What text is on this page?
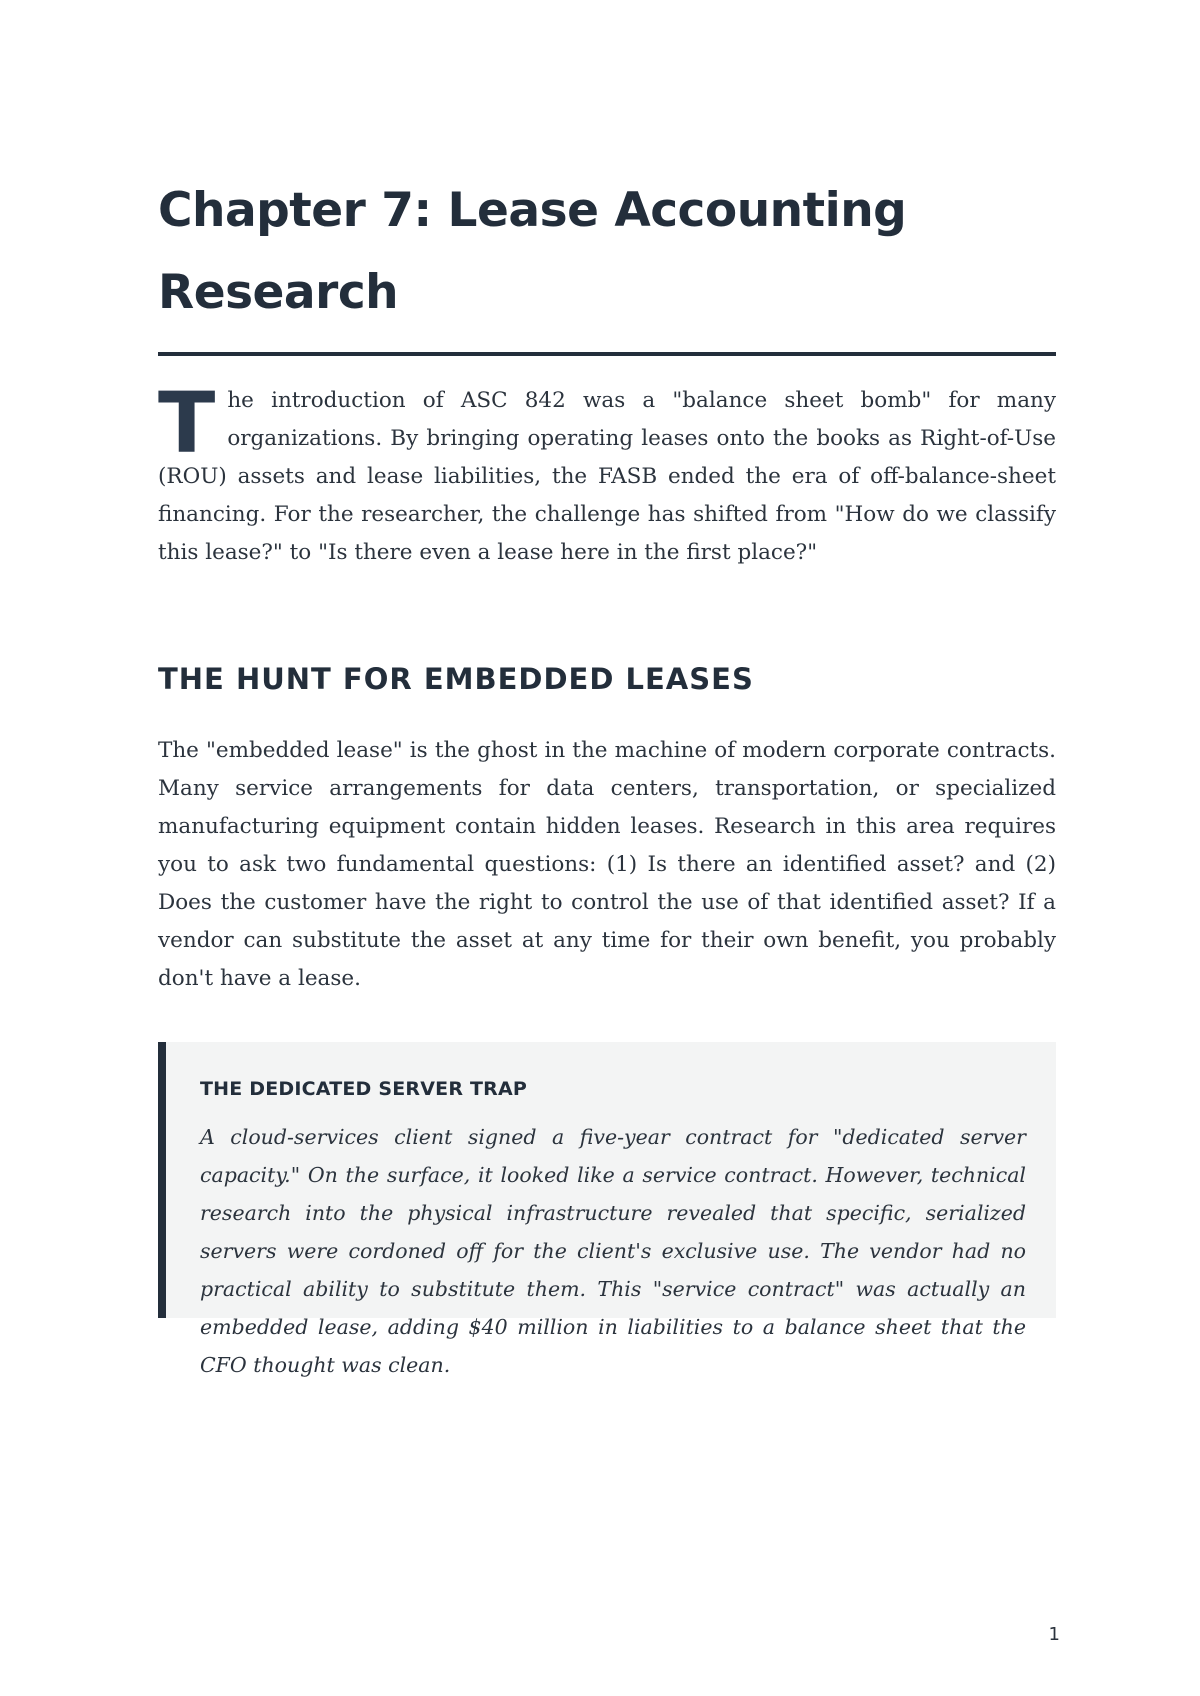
Chapter 7: Lease Accounting Research

The introduction of ASC 842 was a "balance sheet bomb" for many organizations. By bringing operating leases onto the books as Right-of-Use (ROU) assets and lease liabilities, the FASB ended the era of off-balance-sheet financing. For the researcher, the challenge has shifted from "How do we classify this lease?" to "Is there even a lease here in the first place?"

THE HUNT FOR EMBEDDED LEASES

The "embedded lease" is the ghost in the machine of modern corporate contracts. Many service arrangements for data centers, transportation, or specialized manufacturing equipment contain hidden leases. Research in this area requires you to ask two fundamental questions: (1) Is there an identified asset? and (2) Does the customer have the right to control the use of that identified asset? If a vendor can substitute the asset at any time for their own benefit, you probably don't have a lease.

THE DEDICATED SERVER TRAP

A cloud-services client signed a five-year contract for "dedicated server capacity." On the surface, it looked like a service contract. However, technical research into the physical infrastructure revealed that specific, serialized servers were cordoned off for the client's exclusive use. The vendor had no practical ability to substitute them. This "service contract" was actually an embedded lease, adding $40 million in liabilities to a balance sheet that the CFO thought was clean.

1
